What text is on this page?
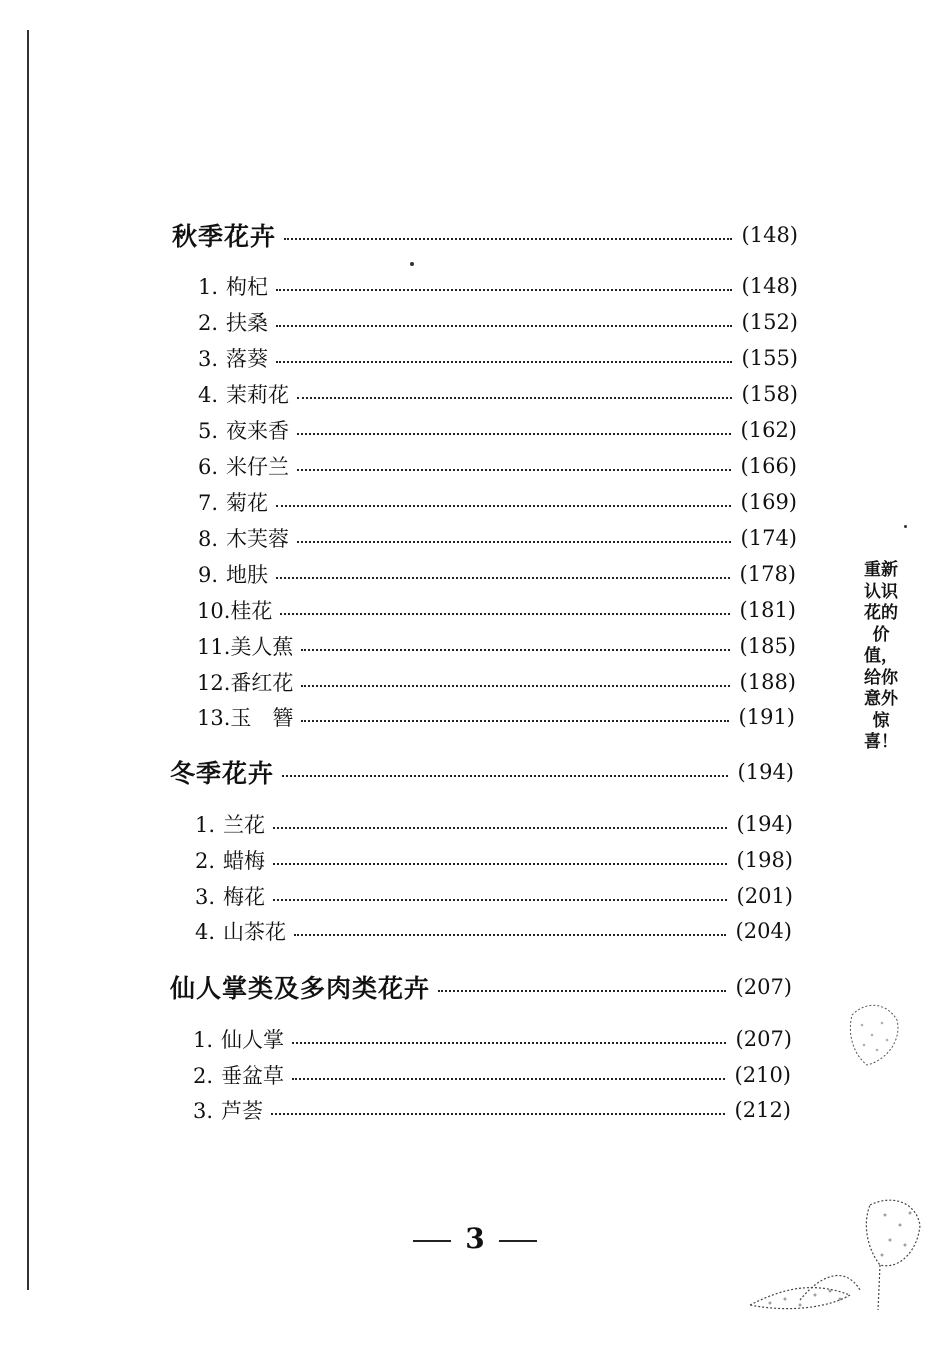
秋季花卉	(148)
1. 枸杞	(148)
2. 扶桑	(152)
3. 落葵	(155)
4. 茉莉花	(158)
5. 夜来香	(162)
6. 米仔兰	(166)
7. 菊花	(169)
8. 木芙蓉	(174)
9. 地肤	(178)
10.桂花	(181)
11.美人蕉	(185)
12.番红花	(188)
13.玉　簪	(191)
冬季花卉	(194)
1. 兰花	(194)
2. 蜡梅	(198)
3. 梅花	(201)
4. 山茶花	(204)
仙人掌类及多肉类花卉	(207)
1. 仙人掌	(207)
2. 垂盆草	(210)
3. 芦荟	(212)
重新认识花的价值，给你意外惊喜！
3
